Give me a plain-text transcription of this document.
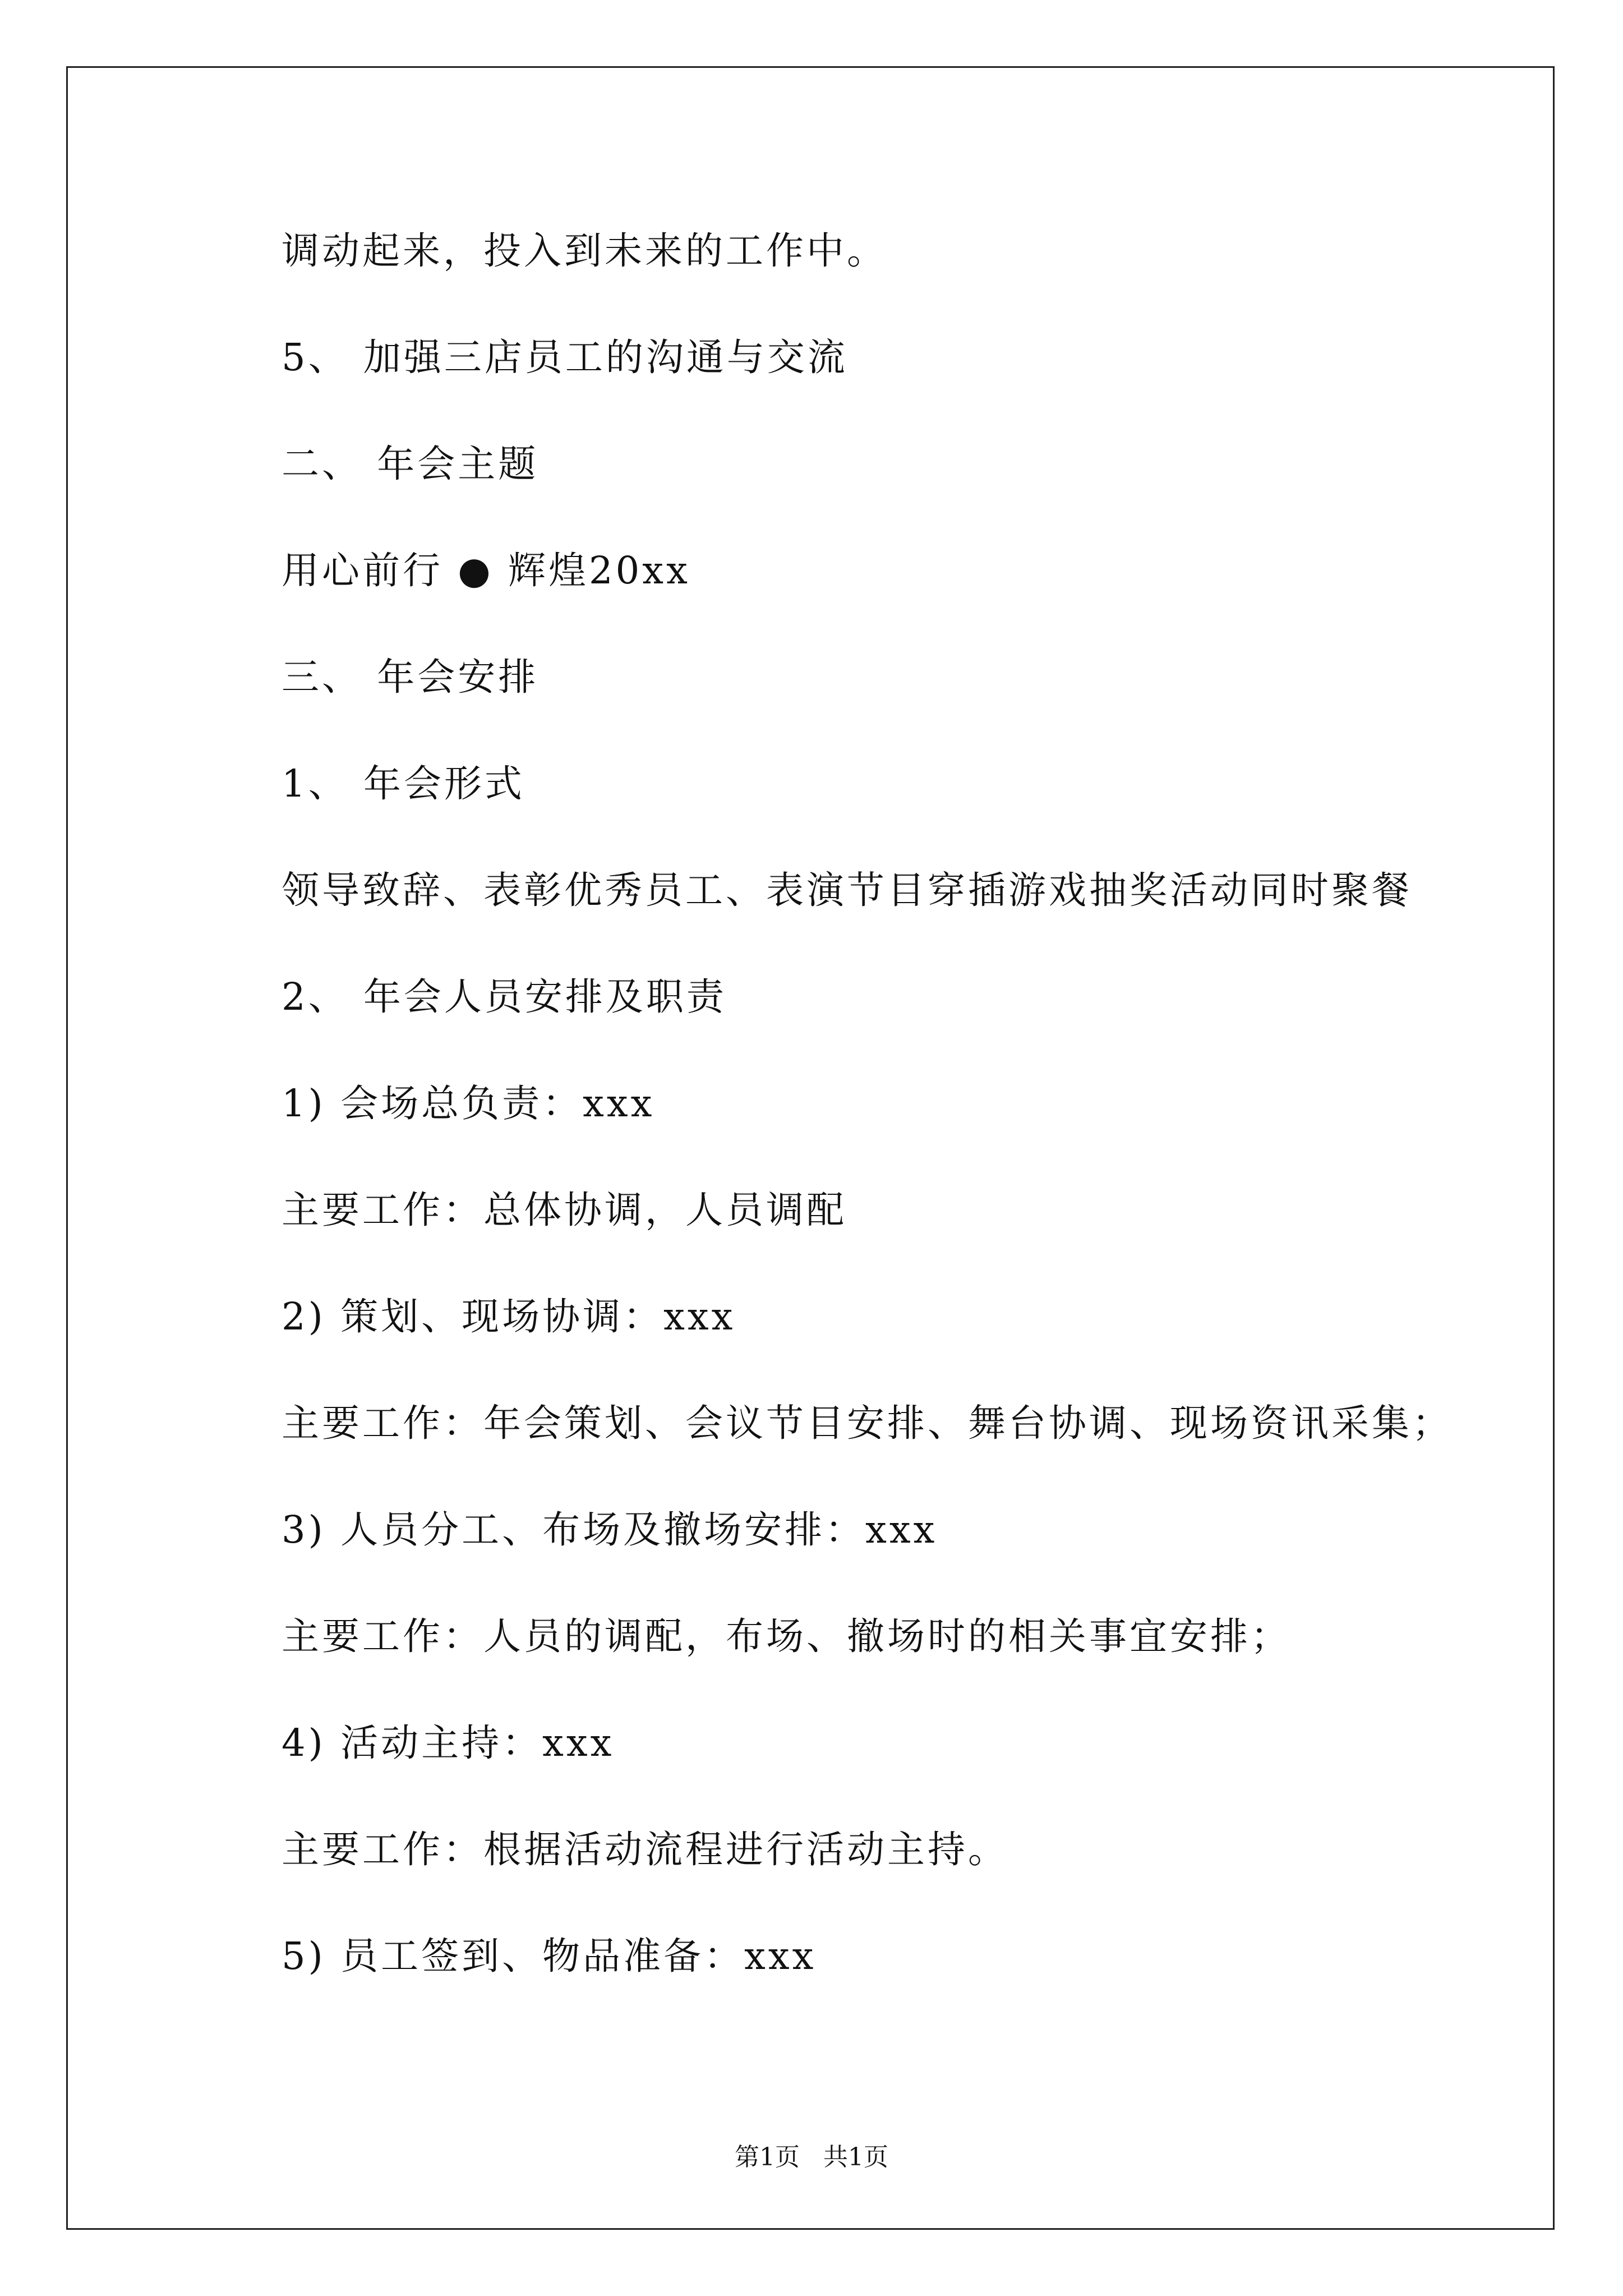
调动起来，投入到未来的工作中。
5、 加强三店员工的沟通与交流
二、 年会主题
用心前行 ● 辉煌20xx
三、 年会安排
1、 年会形式
领导致辞、表彰优秀员工、表演节目穿插游戏抽奖活动同时聚餐
2、 年会人员安排及职责
1) 会场总负责：xxx
主要工作：总体协调，人员调配
2) 策划、现场协调：xxx
主要工作：年会策划、会议节目安排、舞台协调、现场资讯采集；
3) 人员分工、布场及撤场安排：xxx
主要工作：人员的调配，布场、撤场时的相关事宜安排；
4) 活动主持：xxx
主要工作：根据活动流程进行活动主持。
5) 员工签到、物品准备：xxx
第1页   共1页
